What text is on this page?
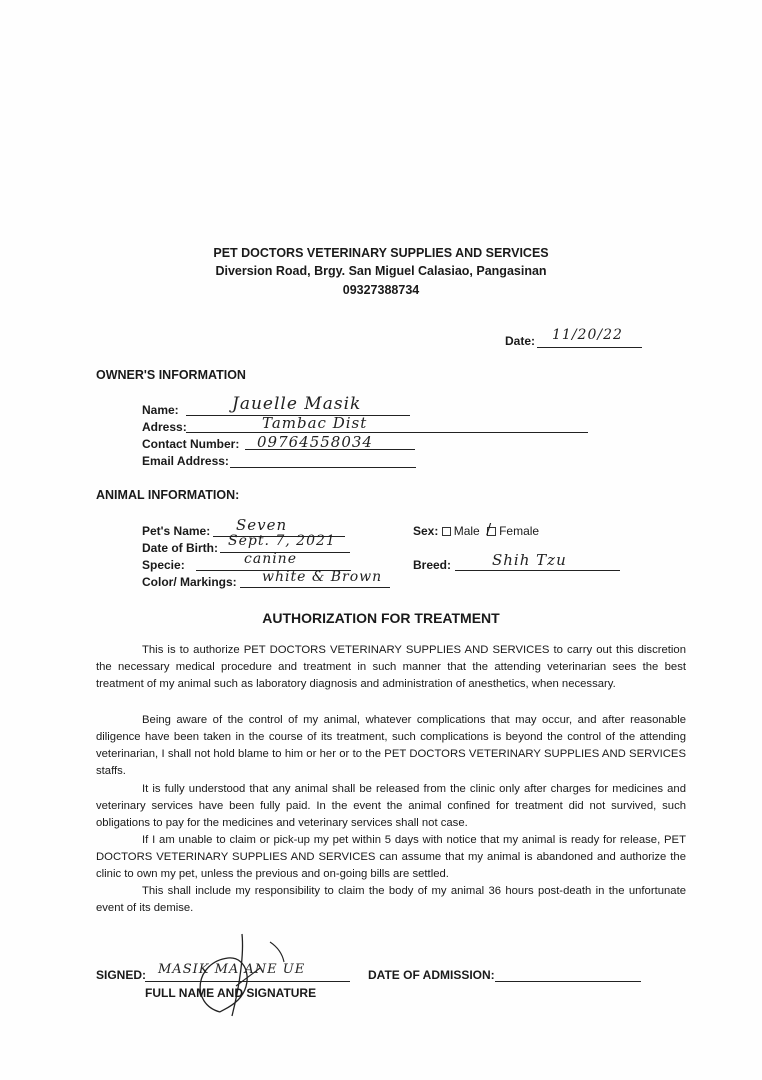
PET DOCTORS VETERINARY SUPPLIES AND SERVICES
Diversion Road, Brgy. San Miguel Calasiao, Pangasinan
09327388734
Date: 11/20/22
OWNER'S INFORMATION
Name:	Jauelle Masik
Adress:	Tambac Dist
Contact Number: 09764558034
Email Address:
ANIMAL INFORMATION:
Pet's Name: Seven
Date of Birth: Sept. 7, 2021
Specie:	canine
Color/ Markings: white & Brown
Sex: Male Female
/
Breed:	Shih Tzu
AUTHORIZATION FOR TREATMENT

This is to authorize PET DOCTORS VETERINARY SUPPLIES AND SERVICES to carry out this discretion the necessary medical procedure and treatment in such manner that the attending veterinarian sees the best treatment of my animal such as laboratory diagnosis and administration of anesthetics, when necessary.

Being aware of the control of my animal, whatever complications that may occur, and after reasonable diligence have been taken in the course of its treatment, such complications is beyond the control of the attending veterinarian, I shall not hold blame to him or her or to the PET DOCTORS VETERINARY SUPPLIES AND SERVICES staffs.

It is fully understood that any animal shall be released from the clinic only after charges for medicines and veterinary services have been fully paid. In the event the animal confined for treatment did not survived, such obligations to pay for the medicines and veterinary services shall not case.

If I am unable to claim or pick-up my pet within 5 days with notice that my animal is ready for release, PET DOCTORS VETERINARY SUPPLIES AND SERVICES can assume that my animal is abandoned and authorize the clinic to own my pet, unless the previous and on-going bills are settled.

This shall include my responsibility to claim the body of my animal 36 hours post-death in the unfortunate event of its demise.

SIGNED: MASIK MA ANE UE
FULL NAME AND SIGNATURE
DATE OF ADMISSION:
